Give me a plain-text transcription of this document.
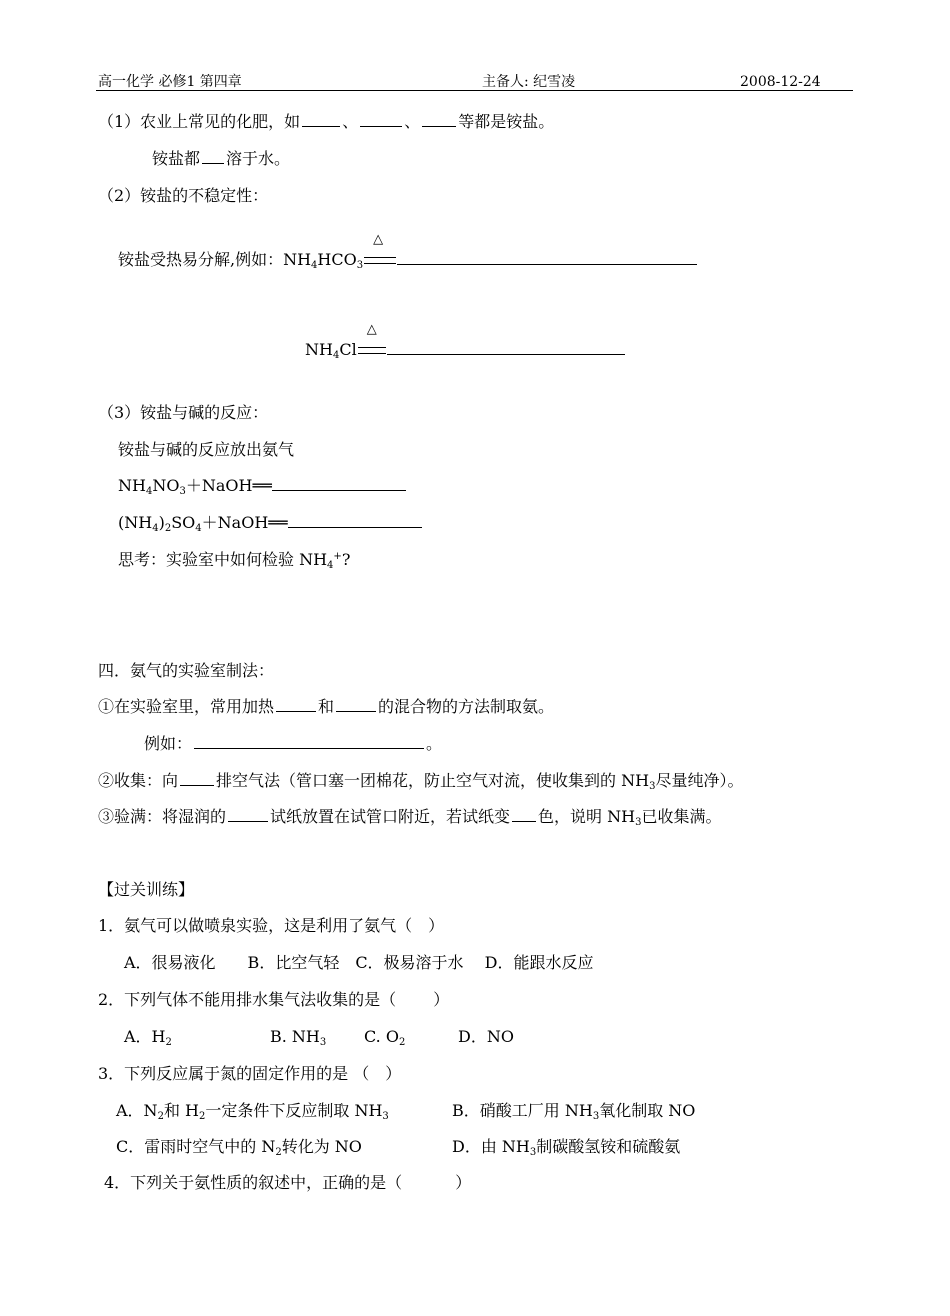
高一化学 必修1 第四章	主备人: 纪雪凌	2008-12-24
（1）农业上常见的化肥，如	、	、 等都是铵盐。
铵盐都 溶于水。
（2）铵盐的不稳定性：
铵盐受热易分解,例如：$NH_4HCO_3$
△
$NH_4Cl$
△
（3）铵盐与碱的反应：
铵盐与碱的反应放出氨气
$NH_4NO_3+NaOH══$
$(NH_4)_2SO_4+NaOH══$
思考：实验室中如何检验 $NH_4^+$?
四．氨气的实验室制法：
①在实验室里，常用加热	和	的混合物的方法制取氨。
例如：	。
②收集：向 排空气法（管口塞一团棉花，防止空气对流，使收集到的 $NH_3$尽量纯净）。
③验满：将湿润的	试纸放置在试管口附近，若试纸变 色，说明 $NH_3$已收集满。
【过关训练】
1．氨气可以做喷泉实验，这是利用了氨气（　）
A．很易液化　　B．比空气轻　C．极易溶于水　 D．能跟水反应
2．下列气体不能用排水集气法收集的是（　　 ）
A．$H_2$	B. $NH_3$ C. $O_2$	D．NO
3．下列反应属于氮的固定作用的是 （　）
A．$N_2$和 $H_2$一定条件下反应制取 $NH_3$	B．硝酸工厂用 $NH_3$氧化制取 NO
C．雷雨时空气中的 $N_2$转化为 NO	D．由 $NH_3$制碳酸氢铵和硫酸氨
4．下列关于氨性质的叙述中，正确的是（　　　 ）
